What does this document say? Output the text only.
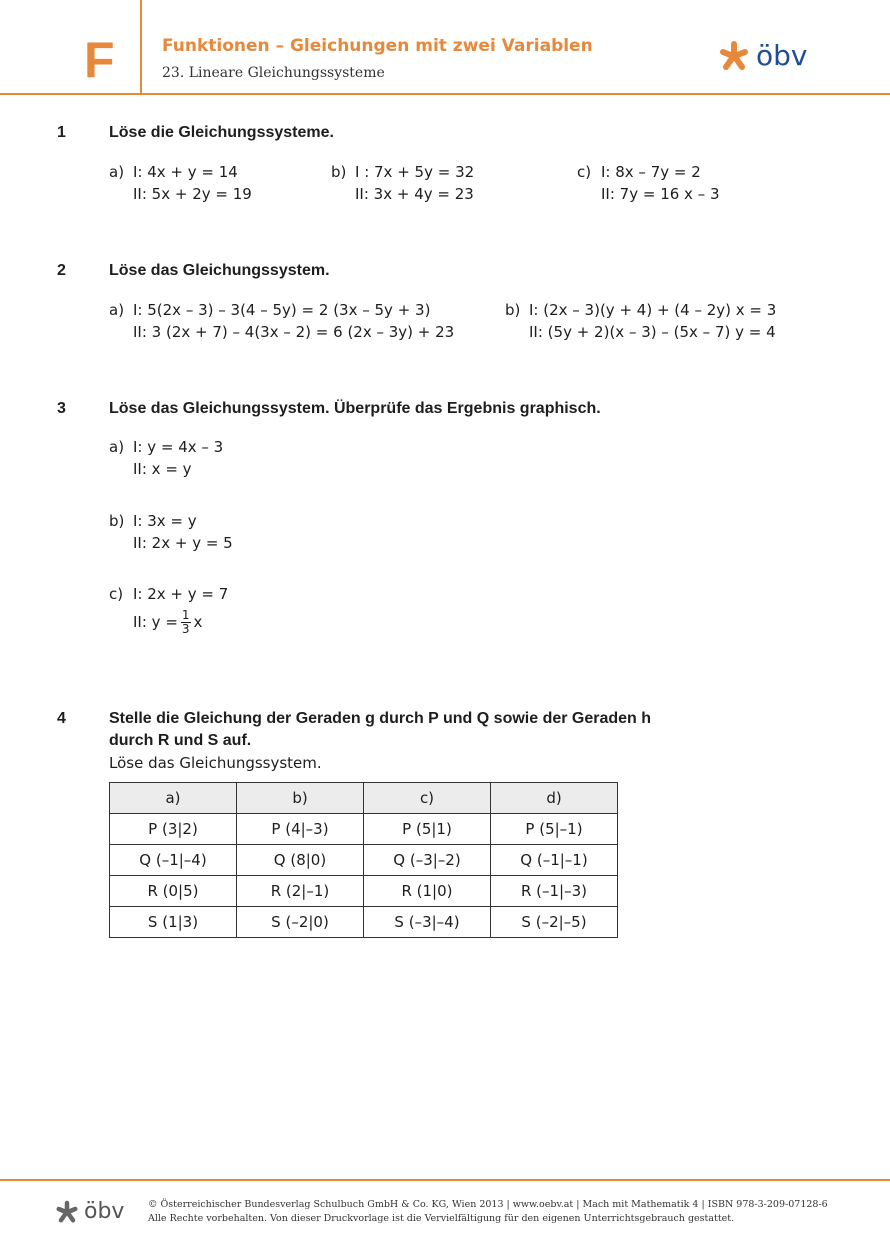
F	Funktionen – Gleichungen mit zwei Variablen
23. Lineare Gleichungssysteme
öbv
1	Löse die Gleichungssysteme.
a) I: 4x + y = 14
II: 5x + 2y = 19
b) I : 7x + 5y = 32
II: 3x + 4y = 23
c) I: 8x – 7y = 2
II: 7y = 16 x – 3
2	Löse das Gleichungssystem.
a) I: 5(2x – 3) – 3(4 – 5y) = 2 (3x – 5y + 3)
II: 3 (2x + 7) – 4(3x – 2) = 6 (2x – 3y) + 23
b) I: (2x – 3)(y + 4) + (4 – 2y) x = 3
II: (5y + 2)(x – 3) – (5x – 7) y = 4
3	Löse das Gleichungssystem. Überprüfe das Ergebnis graphisch.
a) I: y = 4x – 3
II: x = y
b) I: 3x = y
II: 2x + y = 5
c) I: 2x + y = 7
II: $y = \frac{1}{3}$ x
4	Stelle die Gleichung der Geraden g durch P und Q sowie der Geraden h
durch R und S auf.
Löse das Gleichungssystem.
a)	b)	c)	d)
P (3|2)	P (4|–3)	P (5|1)	P (5|–1)
Q (–1|–4)	Q (8|0)	Q (–3|–2)	Q (–1|–1)
R (0|5)	R (2|–1)	R (1|0)	R (–1|–3)
S (1|3)	S (–2|0)	S (–3|–4)	S (–2|–5)
öbv © Österreichischer Bundesverlag Schulbuch GmbH & Co. KG, Wien 2013 | www.oebv.at | Mach mit Mathematik 4 | ISBN 978-3-209-07128-6
Alle Rechte vorbehalten. Von dieser Druckvorlage ist die Vervielfältigung für den eigenen Unterrichtsgebrauch gestattet.
